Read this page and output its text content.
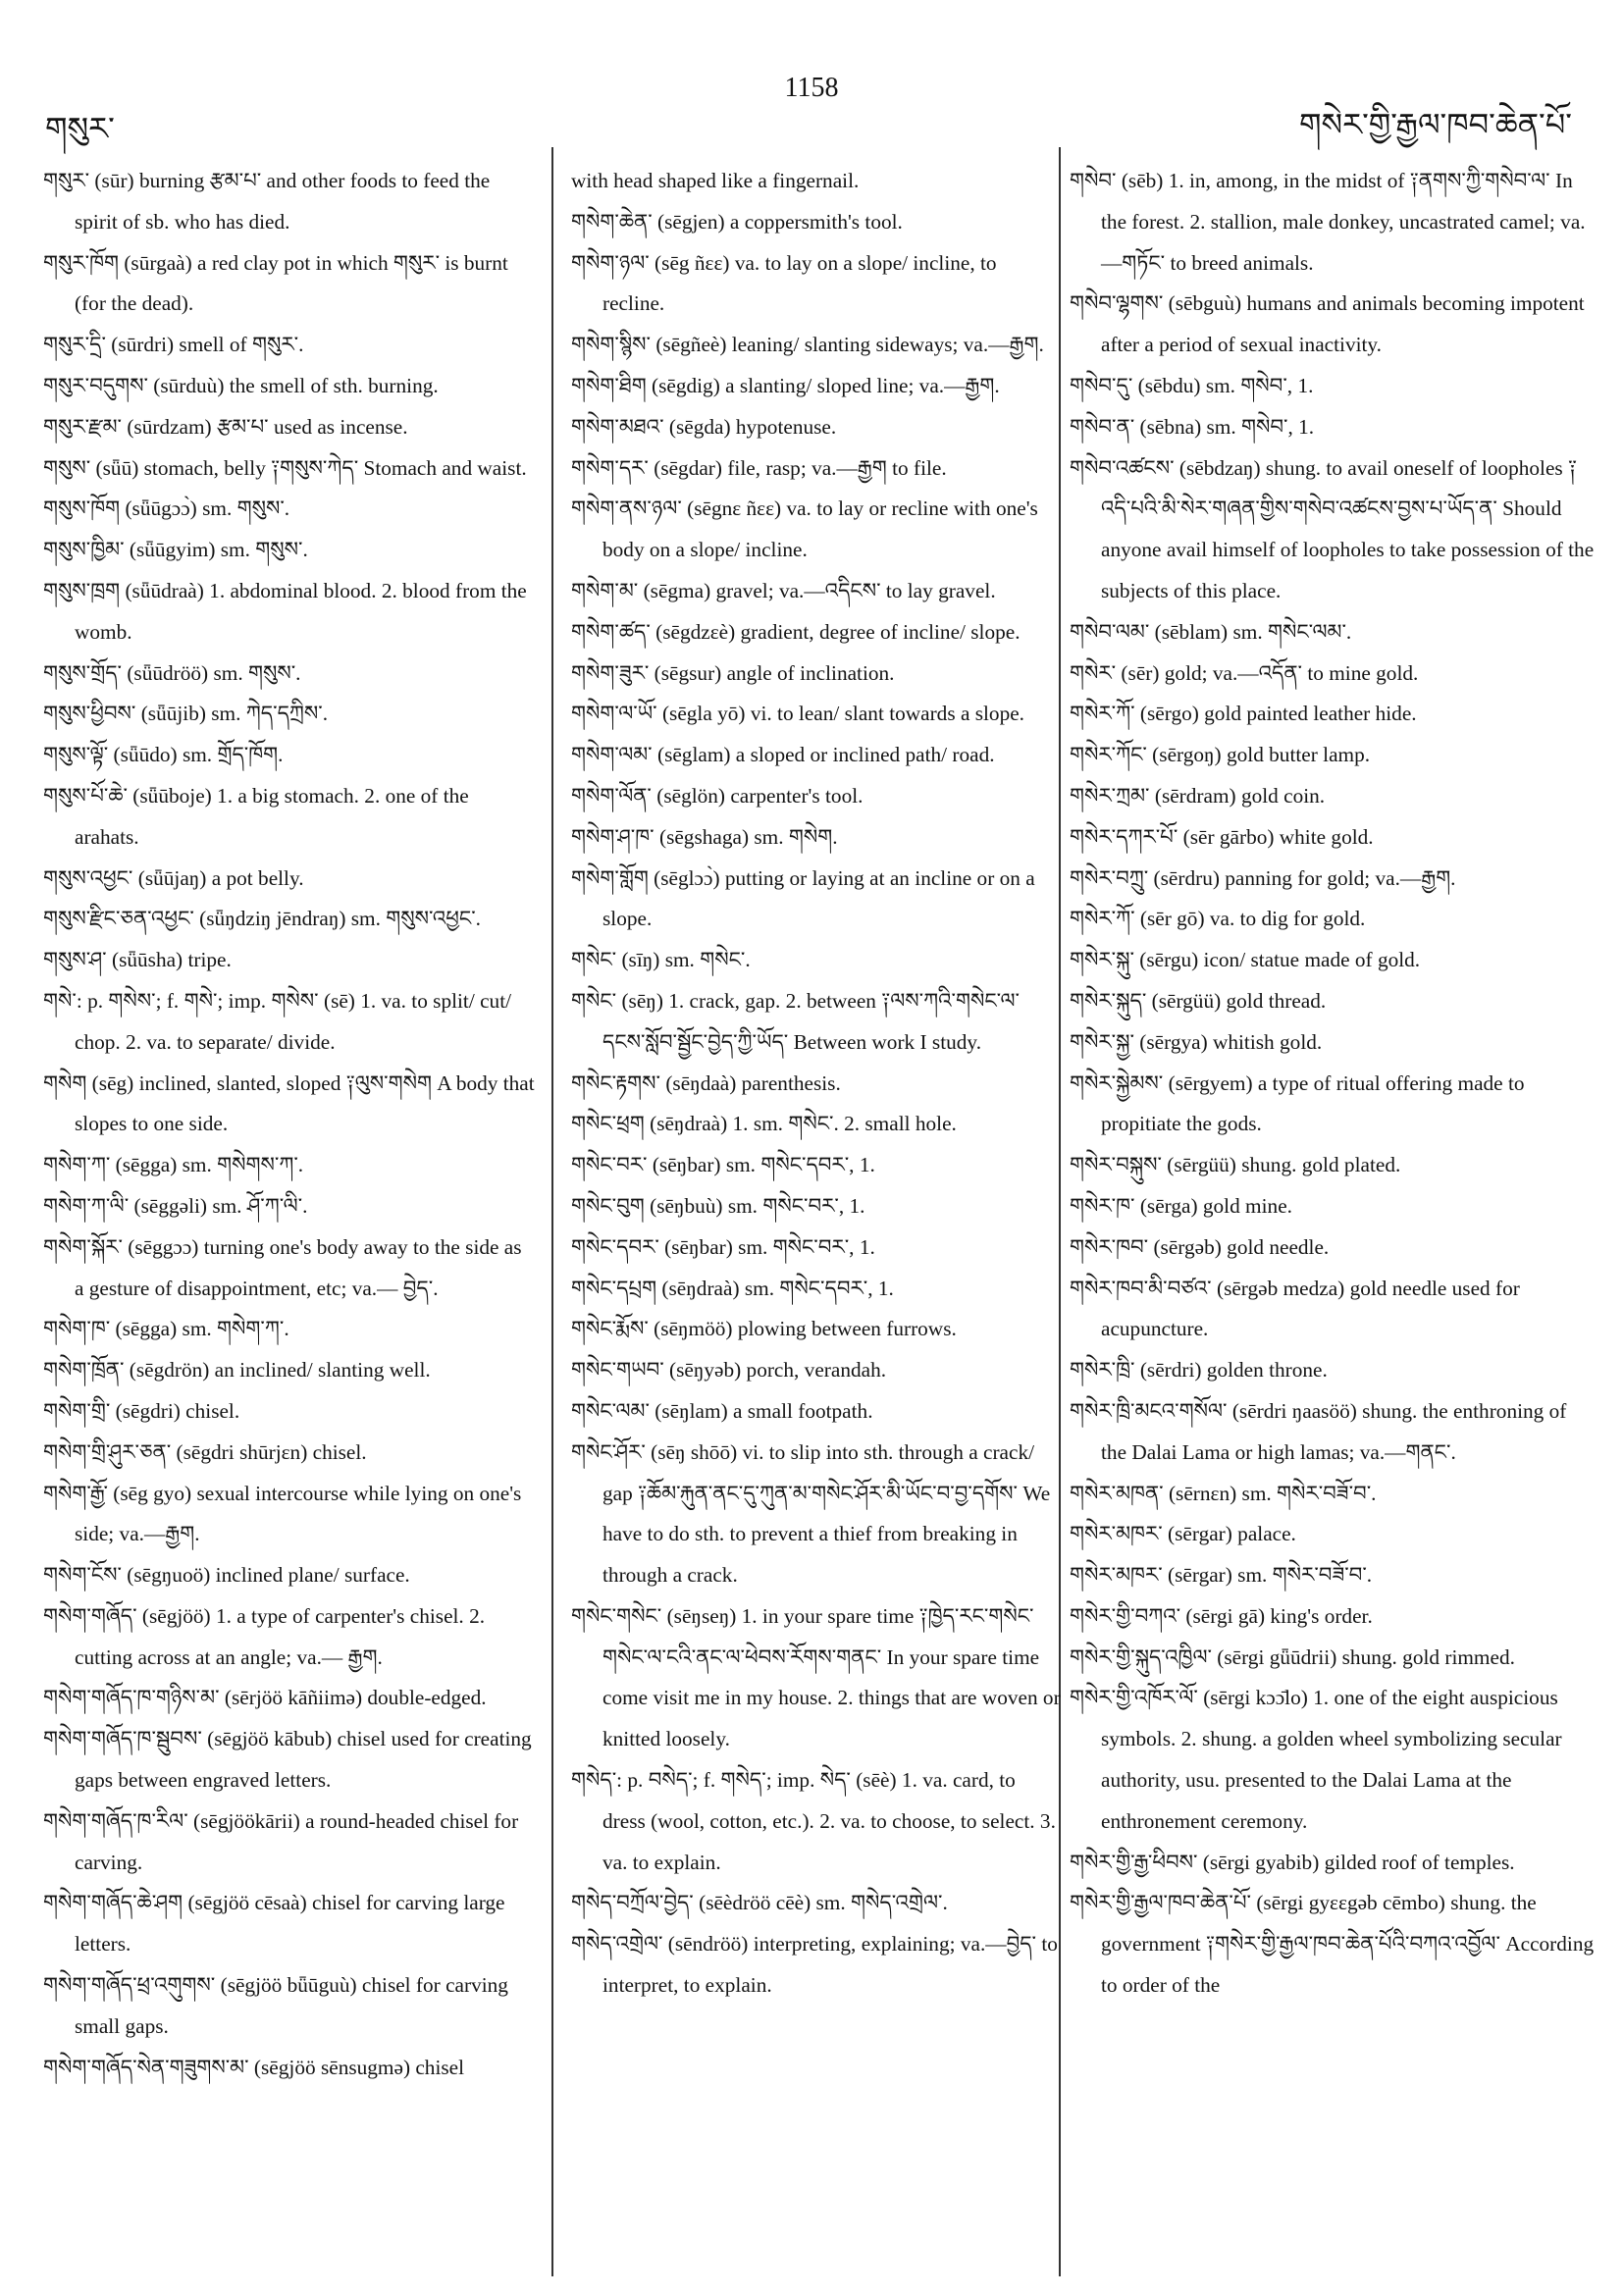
གསུར་
1158
གསེར་གྱི་རྒྱལ་ཁབ་ཆེན་པོ་

གསུར་ (sūr) burning རྩམ་པ་ and other foods to feed the spirit of sb. who has died.

གསུར་ཁོག (sūrgaà) a red clay pot in which གསུར་ is burnt (for the dead).

གསུར་དྲི་ (sūrdri) smell of གསུར་.

གསུར་བདུགས་ (sūrduù) the smell of sth. burning.

གསུར་རྫམ་ (sūrdzam) རྩམ་པ་ used as incense.

གསུས་ (sǖū) stomach, belly ༑གསུས་ཀེད་ Stomach and waist.

གསུས་ཁོག (sǖūgɔɔ̀) sm. གསུས་.

གསུས་ཁྱིམ་ (sǖūgyim) sm. གསུས་.

གསུས་ཁྲག (sǖūdraà) 1. abdominal blood. 2. blood from the womb.

གསུས་གྲོད་ (sǖūdröö) sm. གསུས་.

གསུས་ཕྱིབས་ (sǖūjib) sm. ཀེད་དཀྲིས་.

གསུས་ལྟོ་ (sǖūdo) sm. གྲོད་ཁོག.

གསུས་པོ་ཆེ་ (sǖūboje) 1. a big stomach. 2. one of the arahats.

གསུས་འཕྱང་ (sǖūjaŋ) a pot belly.

གསུས་རྫིང་ཅན་འཕྱང་ (sǖŋdziŋ jēndraŋ) sm. གསུས་འཕྱང་.

གསུས་ཤ་ (sǖūsha) tripe.

གསེ་: p. གསེས་; f. གསེ་; imp. གསེས་ (sē) 1. va. to split/ cut/ chop. 2. va. to separate/ divide.

གསེག (sēg) inclined, slanted, sloped ༑ལུས་གསེག A body that slopes to one side.

གསེག་ཀ་ (sēgga) sm. གསེགས་ཀ་.

གསེག་ཀ་ལི་ (sēggəli) sm. ཤོ་ཀ་ལི་.

གསེག་སྐོར་ (sēggɔɔ) turning one's body away to the side as a gesture of disappointment, etc; va.— བྱེད་.

གསེག་ཁ་ (sēgga) sm. གསེག་ཀ་.

གསེག་ཁྲོན་ (sēgdrön) an inclined/ slanting well.

གསེག་གྲི་ (sēgdri) chisel.

གསེག་གྲི་ཤུར་ཅན་ (sēgdri shūrjɛn) chisel.

གསེག་རྒྱོ་ (sēg gyo) sexual intercourse while lying on one's side; va.—རྒྱག.

གསེག་ངོས་ (sēgŋuoö) inclined plane/ surface.

གསེག་གཞོད་ (sēgjöö) 1. a type of carpenter's chisel. 2. cutting across at an angle; va.— རྒྱག.

གསེག་གཞོད་ཁ་གཉིས་མ་ (sērjöö kāñiimə) double-edged.

གསེག་གཞོད་ཁ་སྦུབས་ (sēgjöö kābub) chisel used for creating gaps between engraved letters.

གསེག་གཞོད་ཁ་རིལ་ (sēgjöökārii) a round-headed chisel for carving.

གསེག་གཞོད་ཆེ་ཤག (sēgjöö cēsaà) chisel for carving large letters.

གསེག་གཞོད་ཕྲ་འགུགས་ (sēgjöö bǖūguù) chisel for carving small gaps.

གསེག་གཞོད་སེན་གཟུགས་མ་ (sēgjöö sēnsugmə) chisel

with head shaped like a fingernail.

གསེག་ཆེན་ (sēgjen) a coppersmith's tool.

གསེག་ཉལ་ (sēg ñɛɛ) va. to lay on a slope/ incline, to recline.

གསེག་སྙིས་ (sēgñeè) leaning/ slanting sideways; va.—རྒྱག.

གསེག་ཐིག (sēgdig) a slanting/ sloped line; va.—རྒྱག.

གསེག་མཐའ་ (sēgda) hypotenuse.

གསེག་དར་ (sēgdar) file, rasp; va.—རྒྱག to file.

གསེག་ནས་ཉལ་ (sēgnɛ ñɛɛ) va. to lay or recline with one's body on a slope/ incline.

གསེག་མ་ (sēgma) gravel; va.—འདིངས་ to lay gravel.

གསེག་ཚད་ (sēgdzɛè) gradient, degree of incline/ slope.

གསེག་ཟུར་ (sēgsur) angle of inclination.

གསེག་ལ་ཡོ་ (sēgla yō) vi. to lean/ slant towards a slope.

གསེག་ལམ་ (sēglam) a sloped or inclined path/ road.

གསེག་ལོན་ (sēglön) carpenter's tool.

གསེག་ཤ་ཁ་ (sēgshaga) sm. གསེག.

གསེག་གློག (sēglɔɔ̀) putting or laying at an incline or on a slope.

གསེང་ (sīŋ) sm. གསེང་.

གསེང་ (sēŋ) 1. crack, gap. 2. between ༑ལས་ཀའི་གསེང་ལ་དངས་སློབ་སྦྱོང་བྱེད་ཀྱི་ཡོད་ Between work I study.

གསེང་རྟགས་ (sēŋdaà) parenthesis.

གསེང་ཕྲག (sēŋdraà) 1. sm. གསེང་. 2. small hole.

གསེང་བར་ (sēŋbar) sm. གསེང་དབར་, 1.

གསེང་བུག (sēŋbuù) sm. གསེང་བར་, 1.

གསེང་དབར་ (sēŋbar) sm. གསེང་བར་, 1.

གསེང་དཔྲག (sēŋdraà) sm. གསེང་དབར་, 1.

གསེང་རྨོས་ (sēŋmöö) plowing between furrows.

གསེང་གཡབ་ (sēŋyəb) porch, verandah.

གསེང་ལམ་ (sēŋlam) a small footpath.

གསེང་ཤོར་ (sēŋ shōō) vi. to slip into sth. through a crack/ gap ༑ཆོམ་རྐུན་ནང་དུ་ཀུན་མ་གསེང་ཤོར་མི་ཡོང་བ་བྱ་དགོས་ We have to do sth. to prevent a thief from breaking in through a crack.

གསེང་གསེང་ (sēŋseŋ) 1. in your spare time ༑ཁྱེད་རང་གསེང་གསེང་ལ་ངའི་ནང་ལ་ཕེབས་རོགས་གནང་ In your spare time come visit me in my house. 2. things that are woven or knitted loosely.

གསེད་: p. བསེད་; f. གསེད་; imp. སེད་ (sēè) 1. va. card, to dress (wool, cotton, etc.). 2. va. to choose, to select. 3. va. to explain.

གསེད་བཀྲོལ་བྱེད་ (sēèdröö cēè) sm. གསེད་འགྲེལ་.

གསེད་འགྲེལ་ (sēndröö) interpreting, explaining; va.—བྱེད་ to interpret, to explain.

གསེབ་ (sēb) 1. in, among, in the midst of ༑ནགས་ཀྱི་གསེབ་ལ་ In the forest. 2. stallion, male donkey, uncastrated camel; va.—གཏོང་ to breed animals.

གསེབ་ལྷགས་ (sēbguù) humans and animals becoming impotent after a period of sexual inactivity.

གསེབ་དུ་ (sēbdu) sm. གསེབ་, 1.

གསེབ་ན་ (sēbna) sm. གསེབ་, 1.

གསེབ་འཚངས་ (sēbdzaŋ) shung. to avail oneself of loopholes ༑འདི་པའི་མི་སེར་གཞན་གྱིས་གསེབ་འཚངས་བྱས་པ་ཡོད་ན་ Should anyone avail himself of loopholes to take possession of the subjects of this place.

གསེབ་ལམ་ (sēblam) sm. གསེང་ལམ་.

གསེར་ (sēr) gold; va.—འདོན་ to mine gold.

གསེར་ཀོ་ (sērgo) gold painted leather hide.

གསེར་ཀོང་ (sērgoŋ) gold butter lamp.

གསེར་ཀྲམ་ (sērdram) gold coin.

གསེར་དཀར་པོ་ (sēr gārbo) white gold.

གསེར་བཀྲུ་ (sērdru) panning for gold; va.—རྒྱག.

གསེར་ཀོ་ (sēr gō) va. to dig for gold.

གསེར་སྐུ་ (sērgu) icon/ statue made of gold.

གསེར་སྐུད་ (sērgüü) gold thread.

གསེར་སྐྱ་ (sērgya) whitish gold.

གསེར་སྐྱེམས་ (sērgyem) a type of ritual offering made to propitiate the gods.

གསེར་བསྐུས་ (sērgüü) shung. gold plated.

གསེར་ཁ་ (sērga) gold mine.

གསེར་ཁབ་ (sērgəb) gold needle.

གསེར་ཁབ་མི་བཙའ་ (sērgəb medza) gold needle used for acupuncture.

གསེར་ཁྲི་ (sērdri) golden throne.

གསེར་ཁྲི་མངའ་གསོལ་ (sērdri ŋaasöö) shung. the enthroning of the Dalai Lama or high lamas; va.—གནང་.

གསེར་མཁན་ (sērnɛn) sm. གསེར་བཟོ་བ་.

གསེར་མཁར་ (sērgar) palace.

གསེར་མཁར་ (sērgar) sm. གསེར་བཟོ་བ་.

གསེར་གྱི་བཀའ་ (sērgi gā) king's order.

གསེར་གྱི་སྐུད་འཁྱིལ་ (sērgi gǖūdrii) shung. gold rimmed.

གསེར་གྱི་འཁོར་ལོ་ (sērgi kɔɔ̄lo) 1. one of the eight auspicious symbols. 2. shung. a golden wheel symbolizing secular authority, usu. presented to the Dalai Lama at the enthronement ceremony.

གསེར་གྱི་རྒྱ་ཕིབས་ (sērgi gyabib) gilded roof of temples.

གསེར་གྱི་རྒྱལ་ཁབ་ཆེན་པོ་ (sērgi gyɛɛgəb cēmbo) shung. the government ༑གསེར་གྱི་རྒྱལ་ཁབ་ཆེན་པོའི་བཀའ་འབྱོལ་ According to order of the
